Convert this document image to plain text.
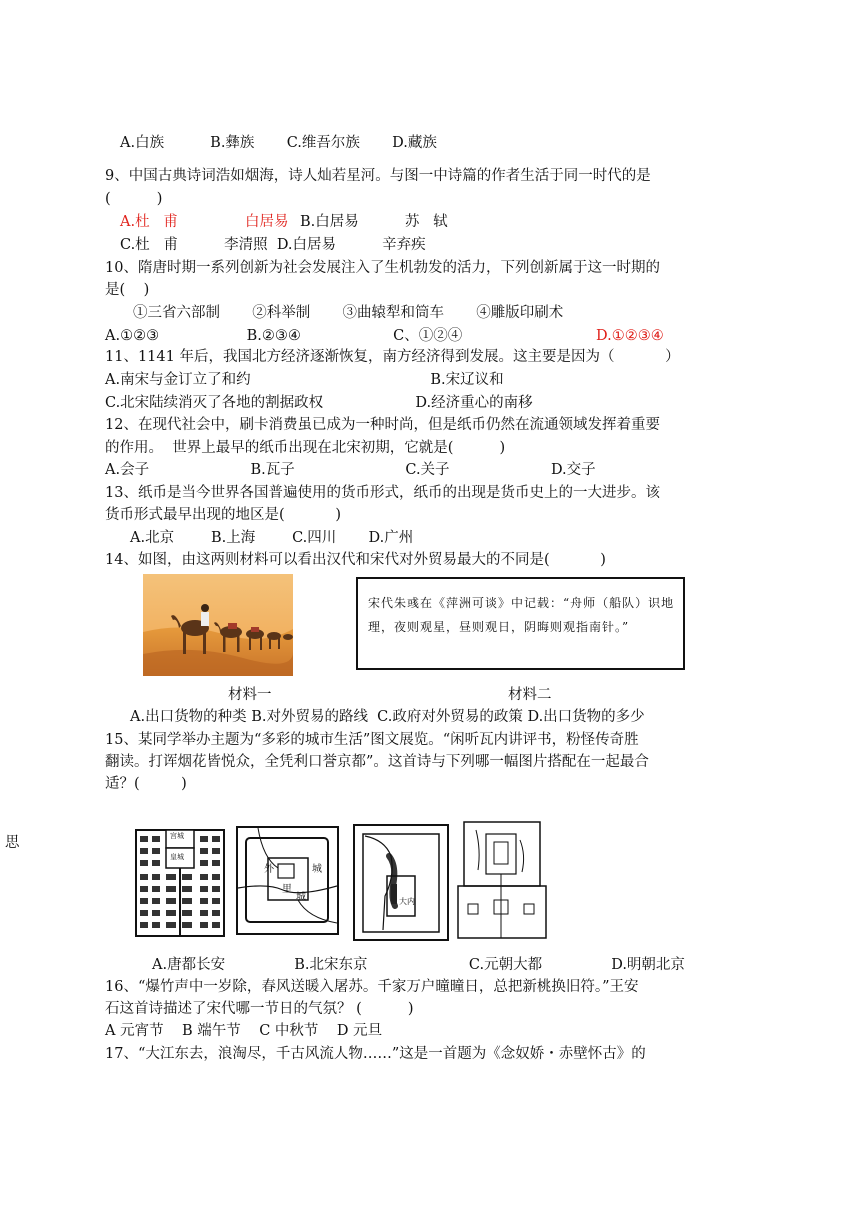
A.白族          B.彝族       C.维吾尔族       D.藏族
9、中国古典诗词浩如烟海，诗人灿若星河。与图一中诗篇的作者生活于同一时代的是
(          )
A.杜   甫	白居易 B.白居易          苏   轼
C.杜   甫          李清照  D.白居易          辛弃疾
10、隋唐时期一系列创新为社会发展注入了生机勃发的活力，下列创新属于这一时期的
是(    )
①三省六部制       ②科举制       ③曲辕犁和筒车       ④雕版印刷术
A.①②③                   B.②③④                    C、①②④	D.①②③④
11、1141 年后，我国北方经济逐渐恢复，南方经济得到发展。这主要是因为（           ）
A.南宋与金订立了和约                                       B.宋辽议和
C.北宋陆续消灭了各地的割据政权                    D.经济重心的南移
12、在现代社会中，刷卡消费虽已成为一种时尚，但是纸币仍然在流通领域发挥着重要
的作用。  世界上最早的纸币出现在北宋初期，它就是(          )
A.会子                      B.瓦子                        C.关子                      D.交子
13、纸币是当今世界各国普遍使用的货币形式，纸币的出现是货币史上的一大进步。该
货币形式最早出现的地区是(           )
A.北京        B.上海        C.四川       D.广州
14、如图，由这两则材料可以看出汉代和宋代对外贸易最大的不同是(           )
宋代朱彧在《萍洲可谈》中记载：“舟师（船队）识地理，夜则观星，昼则观日，阴晦则观指南针。”
材料一	材料二
A.出口货物的种类 B.对外贸易的路线  C.政府对外贸易的政策 D.出口货物的多少
15、某同学举办主题为“多彩的城市生活”图文展览。“闲听瓦内讲评书，粉怪传奇胜
翻读。打诨烟花皆悦众，全凭利口誉京都”。这首诗与下列哪一幅图片搭配在一起最合
适？(         )
思	宫城
皇城
外	城
里
城	大内
A.唐都长安               B.北宋东京                      C.元朝大都               D.明朝北京
16、“爆竹声中一岁除，春风送暖入屠苏。千家万户曈曈日，总把新桃换旧符。”王安
石这首诗描述了宋代哪一节日的气氛？ (          )
A 元宵节    B 端午节    C 中秋节    D 元旦
17、“大江东去，浪淘尽，千古风流人物……”这是一首题为《念奴娇・赤壁怀古》的
